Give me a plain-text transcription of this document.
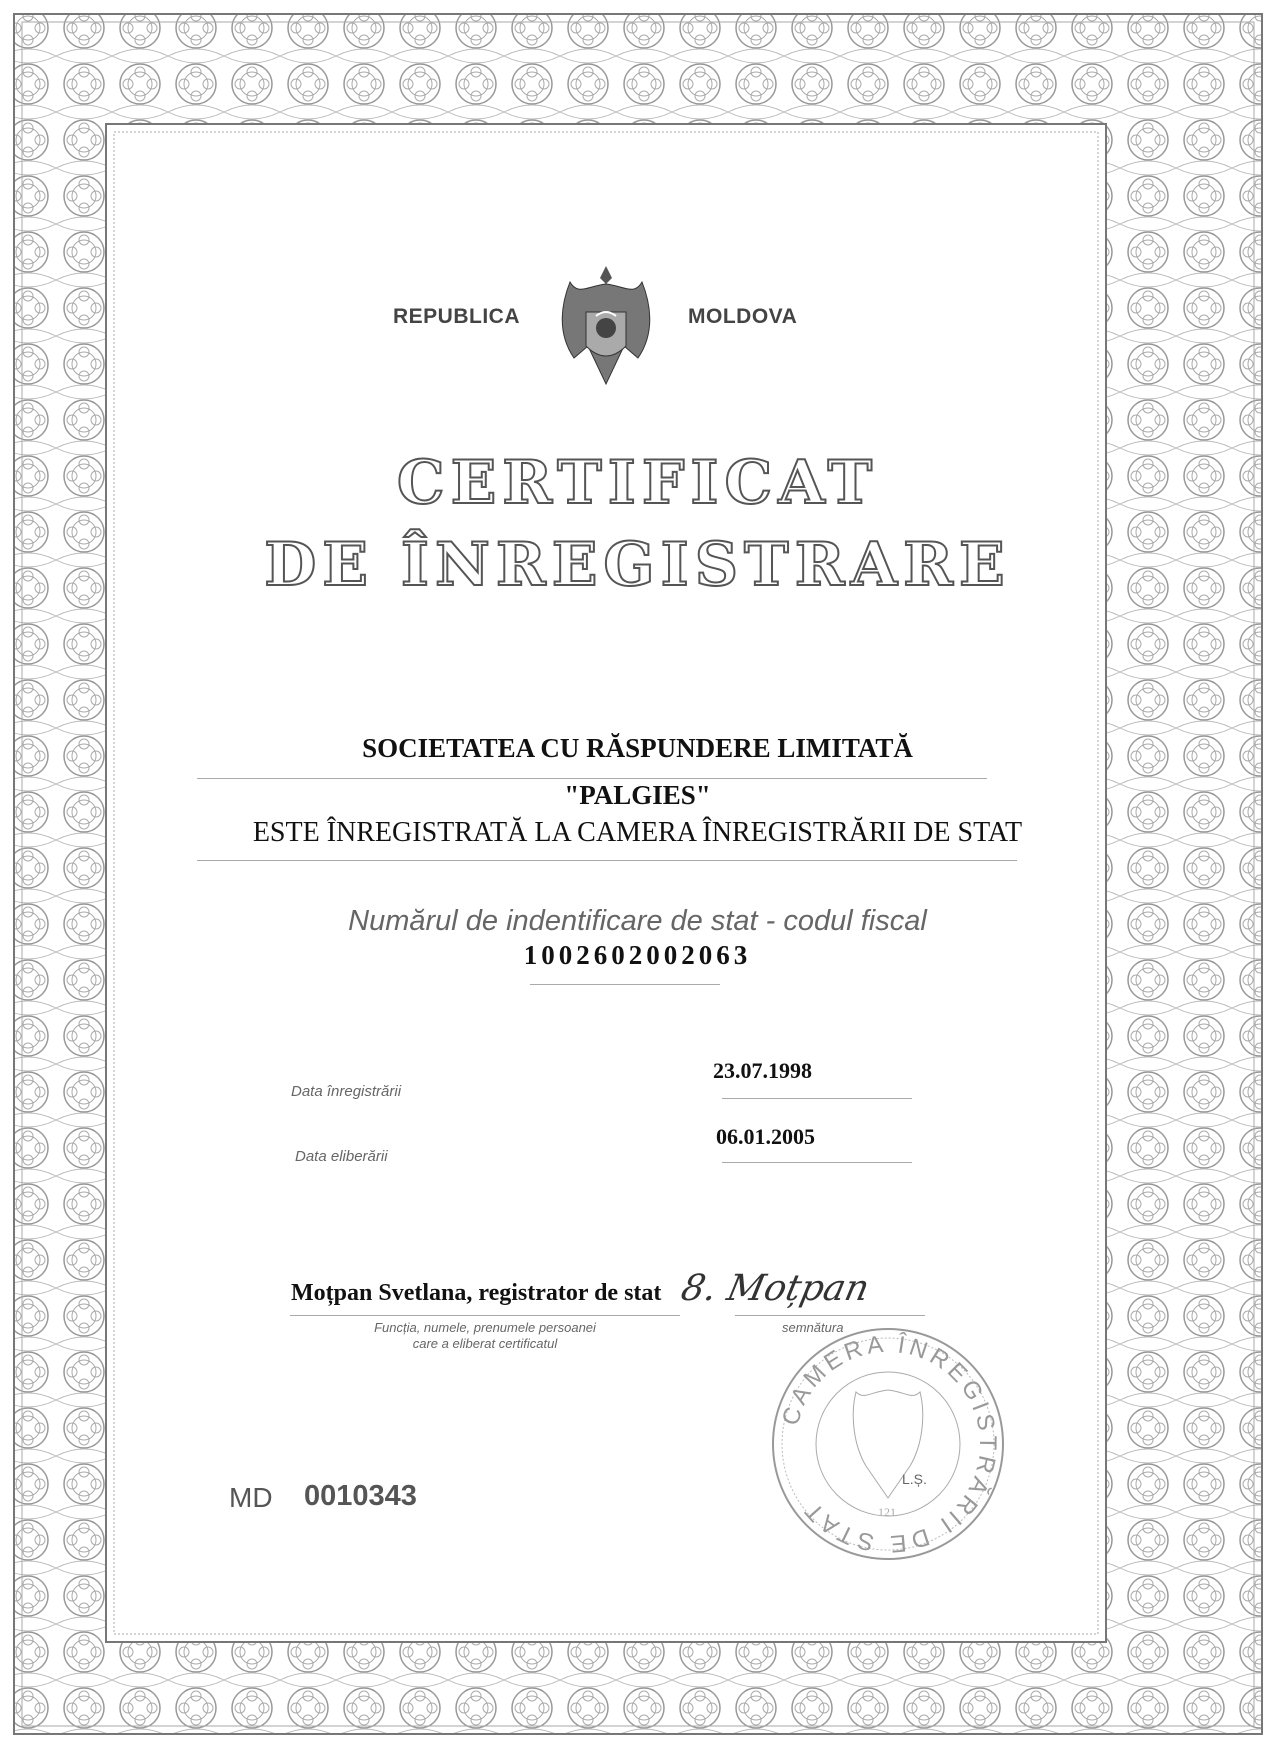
REPUBLICA	MOLDOVA
CERTIFICAT
DE ÎNREGISTRARE
SOCIETATEA CU RĂSPUNDERE LIMITATĂ
"PALGIES"
ESTE ÎNREGISTRATĂ LA CAMERA ÎNREGISTRĂRII DE STAT
Numărul de indentificare de stat - codul fiscal
1002602002063
23.07.1998
Data înregistrării
06.01.2005
Data eliberării
Moțpan Svetlana, registrator de stat 8. Moțpan
Funcția, numele, prenumele persoanei
care a eliberat certificatul
semnătura
CAMERA ÎNREGISTRĂRII DE STAT
L.Ș.
121
MD 0010343
